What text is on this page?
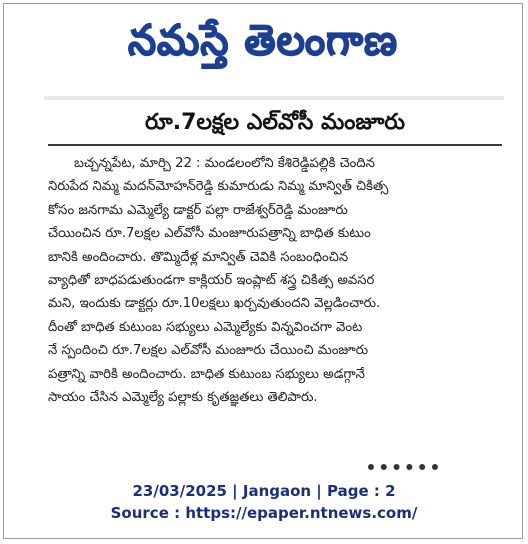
నమస్తే తెలంగాణ
రూ.7లక్షల ఎల్‌వోసీ మంజూరు
బచ్చన్నపేట, మార్చి 22 : మండలంలోని కేశిరెడ్డిపల్లికి చెందిన
నిరుపేద నిమ్మ మదన్‌మోహన్‌రెడ్డి కుమారుడు నిమ్మ మాన్విత్ చికిత్స
కోసం జనగామ ఎమ్మెల్యే డాక్టర్ పల్లా రాజేశ్వర్‌రెడ్డి మంజూరు
చేయించిన రూ.7లక్షల ఎల్‌వోసీ మంజూరుపత్రాన్ని బాధిత కుటుం
బానికి అందించారు. తొమ్మిదేళ్ల మాన్విత్ చెవికి సంబంధించిన
వ్యాధితో బాధపడుతుండగా కాక్లియర్ ఇంప్లాట్ శస్త్ర చికిత్స అవసర
మని, ఇందుకు డాక్టర్లు రూ.10లక్షలు ఖర్చవుతుందని వెల్లడించారు.
దీంతో బాధిత కుటుంబ సభ్యులు ఎమ్మెల్యేకు విన్నవించగా వెంట
నే స్పందించి రూ.7లక్షల ఎల్‌వోసీ మంజూరు చేయించి మంజూరు
పత్రాన్ని వారికి అందించారు. బాధిత కుటుంబ సభ్యులు అడగ్గానే
సాయం చేసిన ఎమ్మెల్యే పల్లాకు కృతజ్ఞతలు తెలిపారు.
23/03/2025 | Jangaon | Page : 2
Source : https://epaper.ntnews.com/
